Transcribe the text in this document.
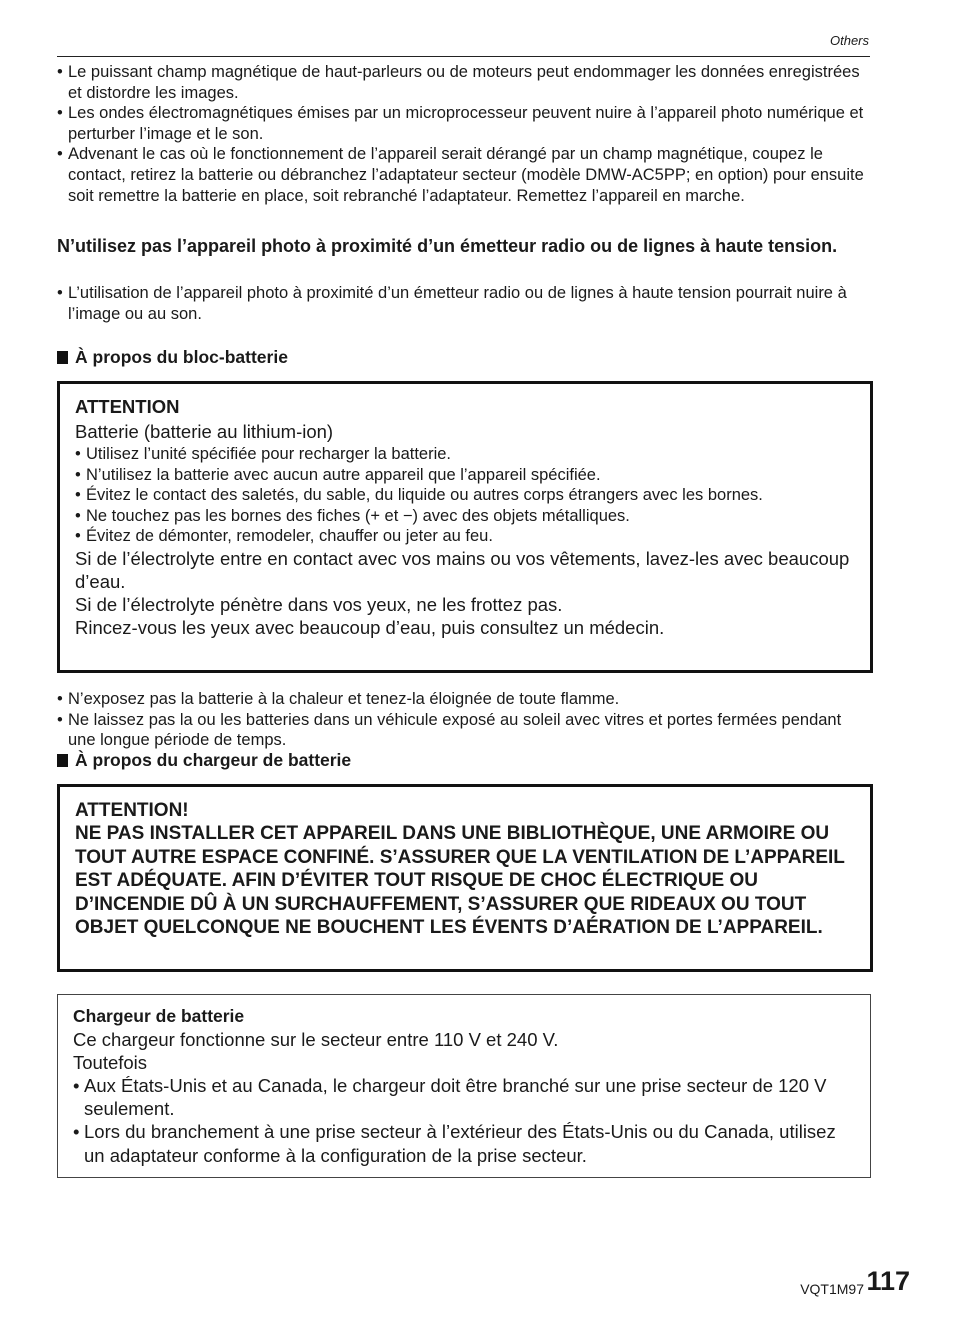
Others
• Le puissant champ magnétique de haut-parleurs ou de moteurs peut endommager les données enregistrées et distordre les images.
• Les ondes électromagnétiques émises par un microprocesseur peuvent nuire à l’appareil photo numérique et perturber l’image et le son.
• Advenant le cas où le fonctionnement de l’appareil serait dérangé par un champ magnétique, coupez le contact, retirez la batterie ou débranchez l’adaptateur secteur (modèle DMW-AC5PP; en option) pour ensuite soit remettre la batterie en place, soit rebranché l’adaptateur. Remettez l’appareil en marche.
N’utilisez pas l’appareil photo à proximité d’un émetteur radio ou de lignes à haute tension.
• L’utilisation de l’appareil photo à proximité d’un émetteur radio ou de lignes à haute tension pourrait nuire à l’image ou au son.
À propos du bloc-batterie
ATTENTION
Batterie (batterie au lithium-ion)
• Utilisez l’unité spécifiée pour recharger la batterie.
• N’utilisez la batterie avec aucun autre appareil que l’appareil spécifiée.
• Évitez le contact des saletés, du sable, du liquide ou autres corps étrangers avec les bornes.
• Ne touchez pas les bornes des fiches (+ et −) avec des objets métalliques.
• Évitez de démonter, remodeler, chauffer ou jeter au feu.
Si de l’électrolyte entre en contact avec vos mains ou vos vêtements, lavez-les avec beaucoup d’eau.
Si de l’électrolyte pénètre dans vos yeux, ne les frottez pas.
Rincez-vous les yeux avec beaucoup d’eau, puis consultez un médecin.
• N’exposez pas la batterie à la chaleur et tenez-la éloignée de toute flamme.
• Ne laissez pas la ou les batteries dans un véhicule exposé au soleil avec vitres et portes fermées pendant une longue période de temps.
À propos du chargeur de batterie
ATTENTION!
NE PAS INSTALLER CET APPAREIL DANS UNE BIBLIOTHÈQUE, UNE ARMOIRE OU TOUT AUTRE ESPACE CONFINÉ. S’ASSURER QUE LA VENTILATION DE L’APPAREIL EST ADÉQUATE. AFIN D’ÉVITER TOUT RISQUE DE CHOC ÉLECTRIQUE OU D’INCENDIE DÛ À UN SURCHAUFFEMENT, S’ASSURER QUE RIDEAUX OU TOUT OBJET QUELCONQUE NE BOUCHENT LES ÉVENTS D’AÉRATION DE L’APPAREIL.
Chargeur de batterie
Ce chargeur fonctionne sur le secteur entre 110 V et 240 V.
Toutefois
• Aux États-Unis et au Canada, le chargeur doit être branché sur une prise secteur de 120 V seulement.
• Lors du branchement à une prise secteur à l’extérieur des États-Unis ou du Canada, utilisez un adaptateur conforme à la configuration de la prise secteur.
VQT1M97 117
